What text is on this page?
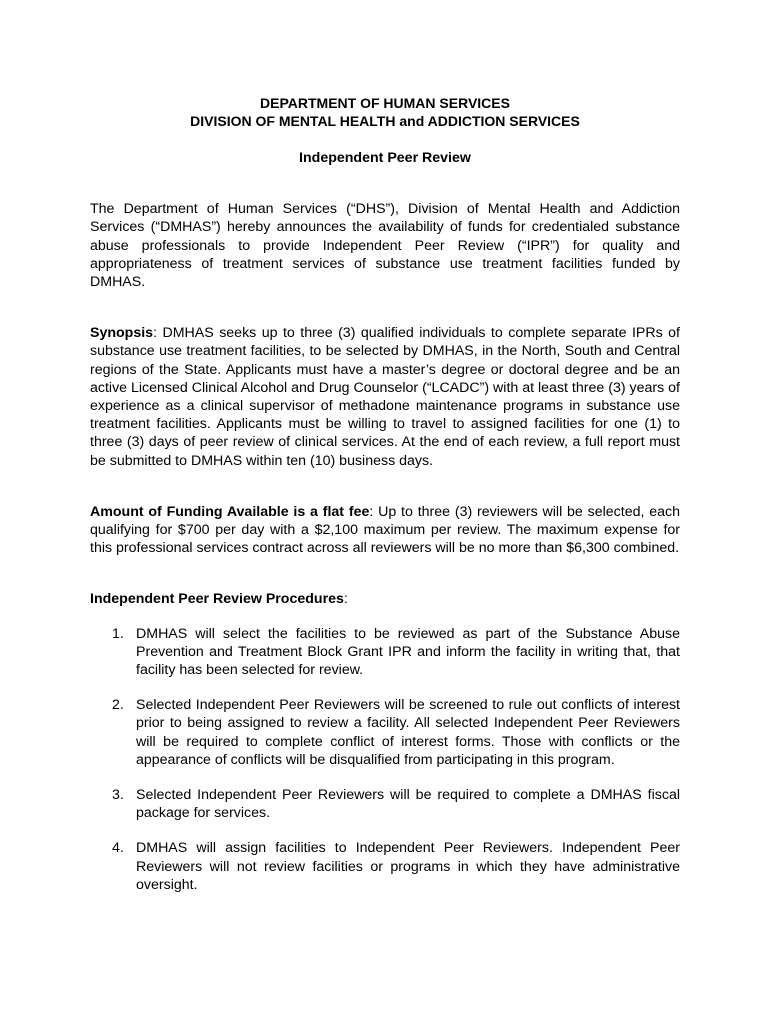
DEPARTMENT OF HUMAN SERVICES
DIVISION OF MENTAL HEALTH and ADDICTION SERVICES
Independent Peer Review

The Department of Human Services (“DHS”), Division of Mental Health and Addiction Services (“DMHAS”) hereby announces the availability of funds for credentialed substance abuse professionals to provide Independent Peer Review (“IPR”) for quality and appropriateness of treatment services of substance use treatment facilities funded by DMHAS.

Synopsis: DMHAS seeks up to three (3) qualified individuals to complete separate IPRs of substance use treatment facilities, to be selected by DMHAS, in the North, South and Central regions of the State. Applicants must have a master’s degree or doctoral degree and be an active Licensed Clinical Alcohol and Drug Counselor (“LCADC”) with at least three (3) years of experience as a clinical supervisor of methadone maintenance programs in substance use treatment facilities. Applicants must be willing to travel to assigned facilities for one (1) to three (3) days of peer review of clinical services. At the end of each review, a full report must be submitted to DMHAS within ten (10) business days.

Amount of Funding Available is a flat fee: Up to three (3) reviewers will be selected, each qualifying for $700 per day with a $2,100 maximum per review. The maximum expense for this professional services contract across all reviewers will be no more than $6,300 combined.

Independent Peer Review Procedures:

1. DMHAS will select the facilities to be reviewed as part of the Substance Abuse Prevention and Treatment Block Grant IPR and inform the facility in writing that, that facility has been selected for review.
2. Selected Independent Peer Reviewers will be screened to rule out conflicts of interest prior to being assigned to review a facility. All selected Independent Peer Reviewers will be required to complete conflict of interest forms. Those with conflicts or the appearance of conflicts will be disqualified from participating in this program.
3. Selected Independent Peer Reviewers will be required to complete a DMHAS fiscal package for services.
4. DMHAS will assign facilities to Independent Peer Reviewers. Independent Peer Reviewers will not review facilities or programs in which they have administrative oversight.
